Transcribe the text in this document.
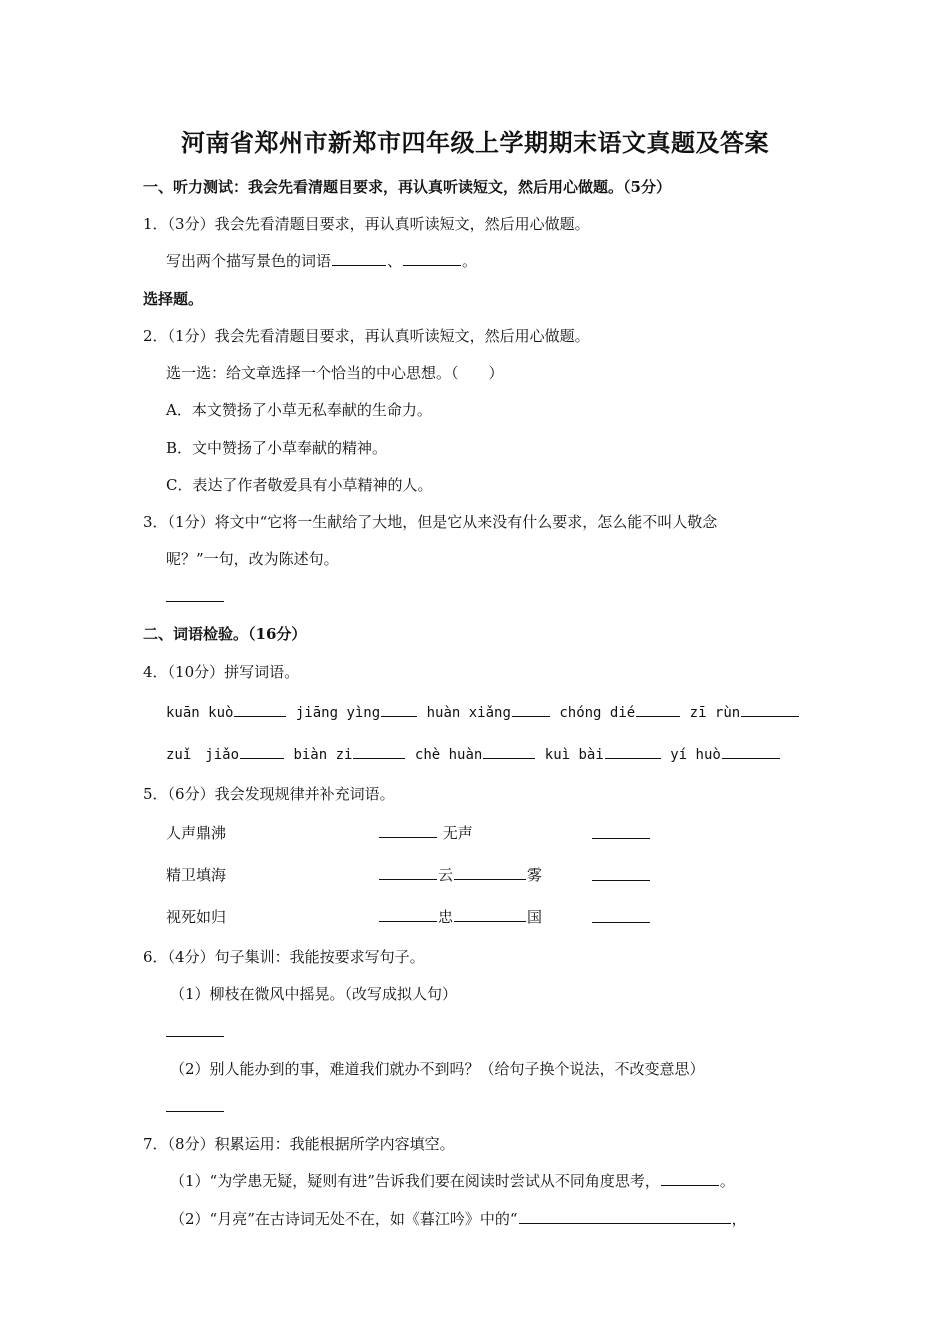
河南省郑州市新郑市四年级上学期期末语文真题及答案
一、听力测试：我会先看清题目要求，再认真听读短文，然后用心做题。（5分）
1．（3分）我会先看清题目要求，再认真听读短文，然后用心做题。
写出两个描写景色的词语	、	。
选择题。
2．（1分）我会先看清题目要求，再认真听读短文，然后用心做题。
选一选：给文章选择一个恰当的中心思想。（　　）
A．本文赞扬了小草无私奉献的生命力。
B．文中赞扬了小草奉献的精神。
C．表达了作者敬爱具有小草精神的人。
3．（1分）将文中“它将一生献给了大地，但是它从来没有什么要求，怎么能不叫人敬念
呢？”一句，改为陈述句。
二、词语检验。（16分）
4．（10分）拼写词语。
kuān kuò	jiāng yìng	huàn xiǎng	chóng dié	zī rùn
zuǐ　jiǎo	biàn zi	chè huàn	kuì bài	yí huò
5．（6分）我会发现规律并补充词语。
人声鼎沸	无声
精卫填海	云	雾
视死如归	忠	国
6．（4分）句子集训：我能按要求写句子。
（1）柳枝在微风中摇晃。（改写成拟人句）
（2）别人能办到的事，难道我们就办不到吗？（给句子换个说法，不改变意思）
7．（8分）积累运用：我能根据所学内容填空。
（1）“为学患无疑，疑则有进”告诉我们要在阅读时尝试从不同角度思考，	。
（2）“月亮”在古诗词无处不在，如《暮江吟》中的“	，
